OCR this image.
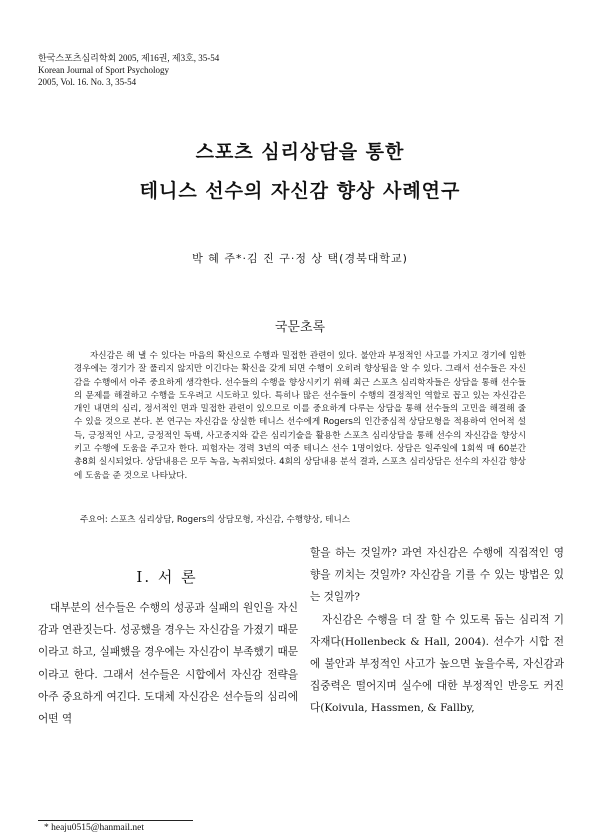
한국스포츠심리학회 2005, 제16권, 제3호, 35-54
Korean Journal of Sport Psychology
2005, Vol. 16. No. 3, 35-54
스포츠 심리상담을 통한
테니스 선수의 자신감 향상 사례연구
박 혜 주*·김 진 구·정 상 택(경북대학교)
국문초록
자신감은 해 낼 수 있다는 마음의 확신으로 수행과 밀접한 관련이 있다. 불안과 부정적인 사고를 가지고 경기에 임한 경우에는 경기가 잘 풀리지 않지만 이긴다는 확신을 갖게 되면 수행이 오히려 향상됨을 알 수 있다. 그래서 선수들은 자신감을 수행에서 아주 중요하게 생각한다. 선수들의 수행을 향상시키기 위해 최근 스포츠 심리학자들은 상담을 통해 선수들의 문제를 해결하고 수행을 도우려고 시도하고 있다. 특히나 많은 선수들이 수행의 결정적인 역할로 꼽고 있는 자신감은 개인 내면의 심리, 정서적인 면과 밀접한 관련이 있으므로 이를 중요하게 다루는 상담을 통해 선수들의 고민을 해결해 줄 수 있을 것으로 본다. 본 연구는 자신감을 상실한 테니스 선수에게 Rogers의 인간중심적 상담모형을 적용하여 언어적 설득, 긍정적인 사고, 긍정적인 독백, 사고중지와 같은 심리기술을 활용한 스포츠 심리상담을 통해 선수의 자신감을 향상시키고 수행에 도움을 주고자 한다. 피험자는 경력 3년의 여중 테니스 선수 1명이었다. 상담은 일주일에 1회씩 매 60분간 총8회 실시되었다. 상담내용은 모두 녹음, 녹취되었다. 4회의 상담내용 분석 결과, 스포츠 심리상담은 선수의 자신감 향상에 도움을 준 것으로 나타났다.
주요어: 스포츠 심리상담, Rogers의 상담모형, 자신감, 수행향상, 테니스
I. 서 론

대부분의 선수들은 수행의 성공과 실패의 원인을 자신감과 연관짓는다. 성공했을 경우는 자신감을 가졌기 때문이라고 하고, 실패했을 경우에는 자신감이 부족했기 때문이라고 한다. 그래서 선수들은 시합에서 자신감 전략을 아주 중요하게 여긴다. 도대체 자신감은 선수들의 심리에 어떤 역

할을 하는 것일까? 과연 자신감은 수행에 직접적인 영향을 끼치는 것일까? 자신감을 기를 수 있는 방법은 있는 것일까?

자신감은 수행을 더 잘 할 수 있도록 돕는 심리적 기자재다(Hollenbeck & Hall, 2004). 선수가 시합 전에 불안과 부정적인 사고가 높으면 높을수록, 자신감과 집중력은 떨어지며 실수에 대한 부정적인 반응도 커진다(Koivula, Hassmen, & Fallby,

* heaju0515@hanmail.net
